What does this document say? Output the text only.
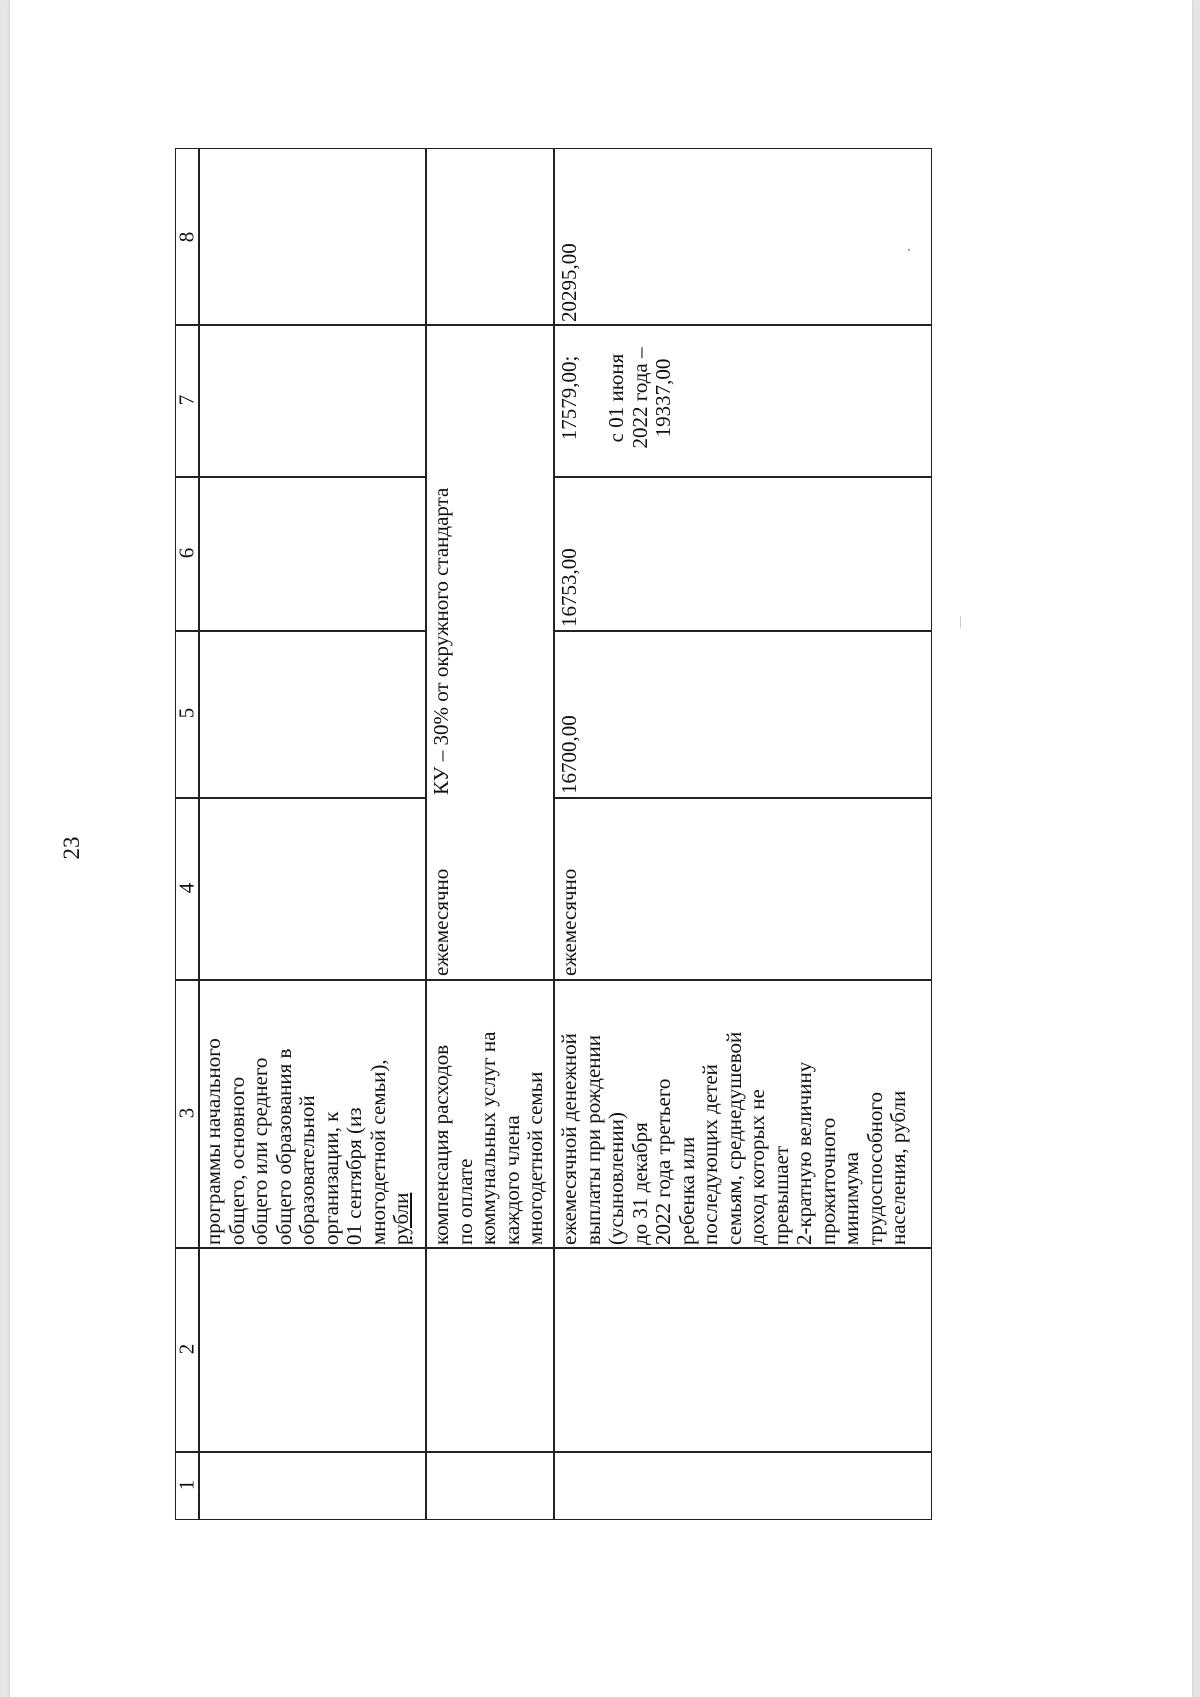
23
1
2
3
4
5
6
7
8
программы начального общего, основного общего или среднего общего образования в образовательной организации, к 01 сентября (из многодетной семьи), рубли компенсация расходов по оплате коммунальных услуг на каждого члена многодетной семьи
ежемесячно
КУ – 30% от окружного стандарта
ежемесячной денежной выплаты при рождении (усыновлении) до 31 декабря 2022 года третьего ребенка или последующих детей семьям, среднедушевой доход которых не превышает 2-кратную величину прожиточного минимума трудоспособного населения, рубли
ежемесячно
16700,00
16753,00
17579,00; с 01 июня 2022 года – 19337,00
20295,00
